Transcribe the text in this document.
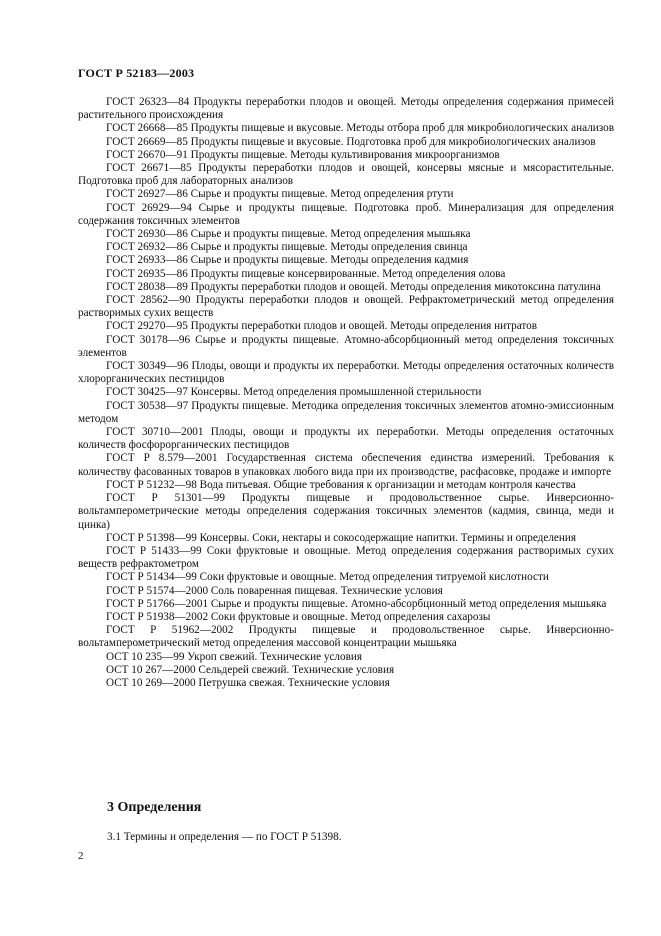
ГОСТ Р 52183—2003

ГОСТ 26323—84 Продукты переработки плодов и овощей. Методы определения содержания примесей растительного происхождения

ГОСТ 26668—85 Продукты пищевые и вкусовые. Методы отбора проб для микробиологических анализов

ГОСТ 26669—85 Продукты пищевые и вкусовые. Подготовка проб для микробиологических анализов

ГОСТ 26670—91 Продукты пищевые. Методы культивирования микроорганизмов

ГОСТ 26671—85 Продукты переработки плодов и овощей, консервы мясные и мясорастительные. Подготовка проб для лабораторных анализов

ГОСТ 26927—86 Сырье и продукты пищевые. Метод определения ртути

ГОСТ 26929—94 Сырье и продукты пищевые. Подготовка проб. Минерализация для определения содержания токсичных элементов

ГОСТ 26930—86 Сырье и продукты пищевые. Метод определения мышьяка

ГОСТ 26932—86 Сырье и продукты пищевые. Методы определения свинца

ГОСТ 26933—86 Сырье и продукты пищевые. Методы определения кадмия

ГОСТ 26935—86 Продукты пищевые консервированные. Метод определения олова

ГОСТ 28038—89 Продукты переработки плодов и овощей. Методы определения микотоксина патулина

ГОСТ 28562—90 Продукты переработки плодов и овощей. Рефрактометрический метод определения растворимых сухих веществ

ГОСТ 29270—95 Продукты переработки плодов и овощей. Методы определения нитратов

ГОСТ 30178—96 Сырье и продукты пищевые. Атомно-абсорбционный метод определения токсичных элементов

ГОСТ 30349—96 Плоды, овощи и продукты их переработки. Методы определения остаточных количеств хлорорганических пестицидов

ГОСТ 30425—97 Консервы. Метод определения промышленной стерильности

ГОСТ 30538—97 Продукты пищевые. Методика определения токсичных элементов атомно-эмиссионным методом

ГОСТ 30710—2001 Плоды, овощи и продукты их переработки. Методы определения остаточных количеств фосфорорганических пестицидов

ГОСТ Р 8.579—2001 Государственная система обеспечения единства измерений. Требования к количеству фасованных товаров в упаковках любого вида при их производстве, расфасовке, продаже и импорте

ГОСТ Р 51232—98 Вода питьевая. Общие требования к организации и методам контроля качества

ГОСТ Р 51301—99 Продукты пищевые и продовольственное сырье. Инверсионно-вольтамперометрические методы определения содержания токсичных элементов (кадмия, свинца, меди и цинка)

ГОСТ Р 51398—99 Консервы. Соки, нектары и сокосодержащие напитки. Термины и определения

ГОСТ Р 51433—99 Соки фруктовые и овощные. Метод определения содержания растворимых сухих веществ рефрактометром

ГОСТ Р 51434—99 Соки фруктовые и овощные. Метод определения титруемой кислотности

ГОСТ Р 51574—2000 Соль поваренная пищевая. Технические условия

ГОСТ Р 51766—2001 Сырье и продукты пищевые. Атомно-абсорбционный метод определения мышьяка

ГОСТ Р 51938—2002 Соки фруктовые и овощные. Метод определения сахарозы

ГОСТ Р 51962—2002 Продукты пищевые и продовольственное сырье. Инверсионно-вольтамперометрический метод определения массовой концентрации мышьяка

ОСТ 10 235—99 Укроп свежий. Технические условия

ОСТ 10 267—2000 Сельдерей свежий. Технические условия

ОСТ 10 269—2000 Петрушка свежая. Технические условия

3 Определения

3.1 Термины и определения — по ГОСТ Р 51398.

2
